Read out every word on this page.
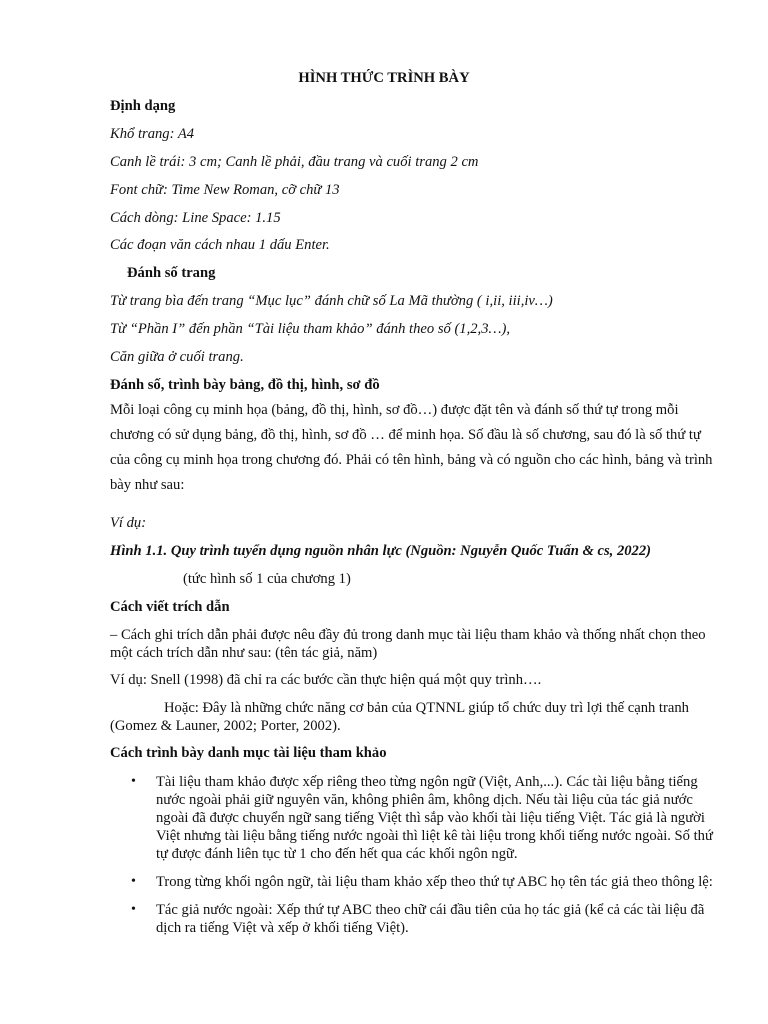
HÌNH THỨC TRÌNH BÀY
Định dạng
Khổ trang: A4
Canh lề trái: 3 cm; Canh lề phải, đầu trang và cuối trang 2 cm
Font chữ: Time New Roman, cỡ chữ 13
Cách dòng: Line Space: 1.15
Các đoạn văn cách nhau 1 dấu Enter.
Đánh số trang
Từ trang bìa đến trang “Mục lục” đánh chữ số La Mã thường ( i,ii, iii,iv…)
Từ “Phần I” đến phần “Tài liệu tham khảo” đánh theo số (1,2,3…),
Căn giữa ở cuối trang.
Đánh số, trình bày bảng, đồ thị, hình, sơ đồ
Mỗi loại công cụ minh họa (bảng, đồ thị, hình, sơ đồ…) được đặt tên và đánh số thứ tự trong mỗi chương có sử dụng bảng, đồ thị, hình, sơ đồ … để minh họa. Số đầu là số chương, sau đó là số thứ tự của công cụ minh họa trong chương đó. Phải có tên hình, bảng và có nguồn cho các hình, bảng và trình bày như sau:
Ví dụ:
Hình 1.1. Quy trình tuyển dụng nguồn nhân lực (Nguồn: Nguyễn Quốc Tuấn & cs, 2022)
(tức hình số 1 của chương 1)
Cách viết trích dẫn
– Cách ghi trích dẫn phải được nêu đầy đủ trong danh mục tài liệu tham khảo và thống nhất chọn theo một cách trích dẫn như sau: (tên tác giả, năm)
Ví dụ: Snell (1998) đã chỉ ra các bước cần thực hiện quá một quy trình….
Hoặc: Đây là những chức năng cơ bản của QTNNL giúp tổ chức duy trì lợi thế cạnh tranh (Gomez & Launer, 2002; Porter, 2002).
Cách trình bày danh mục tài liệu tham khảo
• Tài liệu tham khảo được xếp riêng theo từng ngôn ngữ (Việt, Anh,...). Các tài liệu bằng tiếng nước ngoài phải giữ nguyên văn, không phiên âm, không dịch. Nếu tài liệu của tác giả nước ngoài đã được chuyển ngữ sang tiếng Việt thì sắp vào khối tài liệu tiếng Việt. Tác giả là người Việt nhưng tài liệu bằng tiếng nước ngoài thì liệt kê tài liệu trong khối tiếng nước ngoài. Số thứ tự được đánh liên tục từ 1 cho đến hết qua các khối ngôn ngữ.
• Trong từng khối ngôn ngữ, tài liệu tham khảo xếp theo thứ tự ABC họ tên tác giả theo thông lệ:
• Tác giả nước ngoài: Xếp thứ tự ABC theo chữ cái đầu tiên của họ tác giả (kể cả các tài liệu đã dịch ra tiếng Việt và xếp ở khối tiếng Việt).
